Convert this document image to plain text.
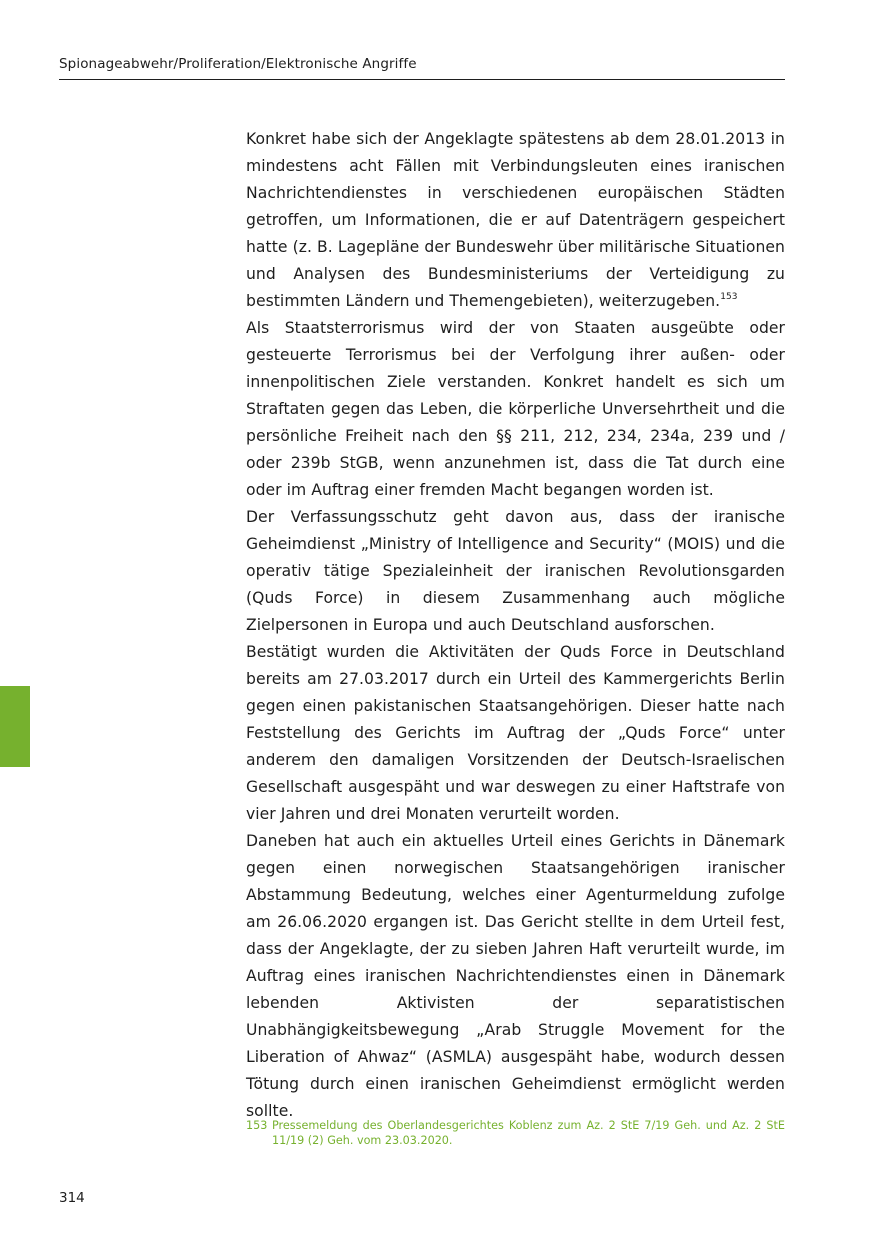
Spionageabwehr/Proliferation/Elektronische Angriffe

Konkret habe sich der Angeklagte spätestens ab dem 28.01.2013 in mindestens acht Fällen mit Verbindungsleuten eines iranischen Nachrichtendienstes in verschiedenen europäischen Städten getroffen, um Informationen, die er auf Datenträgern gespeichert hatte (z. B. Lagepläne der Bundeswehr über militärische Situationen und Analysen des Bundesministeriums der Verteidigung zu bestimmten Ländern und Themengebieten), weiterzugeben.$^{153}$

Als Staatsterrorismus wird der von Staaten ausgeübte oder gesteuerte Terrorismus bei der Verfolgung ihrer außen- oder innenpolitischen Ziele verstanden. Konkret handelt es sich um Straftaten gegen das Leben, die körperliche Unversehrtheit und die persönliche Freiheit nach den §§ 211, 212, 234, 234a, 239 und / oder 239b StGB, wenn anzunehmen ist, dass die Tat durch eine oder im Auftrag einer fremden Macht begangen worden ist.

Der Verfassungsschutz geht davon aus, dass der iranische Geheimdienst „Ministry of Intelligence and Security“ (MOIS) und die operativ tätige Spezialeinheit der iranischen Revolutionsgarden (Quds Force) in diesem Zusammenhang auch mögliche Zielpersonen in Europa und auch Deutschland ausforschen.

Bestätigt wurden die Aktivitäten der Quds Force in Deutschland bereits am 27.03.2017 durch ein Urteil des Kammergerichts Berlin gegen einen pakistanischen Staatsangehörigen. Dieser hatte nach Feststellung des Gerichts im Auftrag der „Quds Force“ unter anderem den damaligen Vorsitzenden der Deutsch-Israelischen Gesellschaft ausgespäht und war deswegen zu einer Haftstrafe von vier Jahren und drei Monaten verurteilt worden.

Daneben hat auch ein aktuelles Urteil eines Gerichts in Dänemark gegen einen norwegischen Staatsangehörigen iranischer Abstammung Bedeutung, welches einer Agenturmeldung zufolge am 26.06.2020 ergangen ist. Das Gericht stellte in dem Urteil fest, dass der Angeklagte, der zu sieben Jahren Haft verurteilt wurde, im Auftrag eines iranischen Nachrichtendienstes einen in Dänemark lebenden Aktivisten der separatistischen Unabhängigkeitsbewegung „Arab Struggle Movement for the Liberation of Ahwaz“ (ASMLA) ausgespäht habe, wodurch dessen Tötung durch einen iranischen Geheimdienst ermöglicht werden sollte.

153 Pressemeldung des Oberlandesgerichtes Koblenz zum Az. 2 StE 7/19 Geh. und Az. 2 StE 11/19 (2) Geh. vom 23.03.2020.
314
